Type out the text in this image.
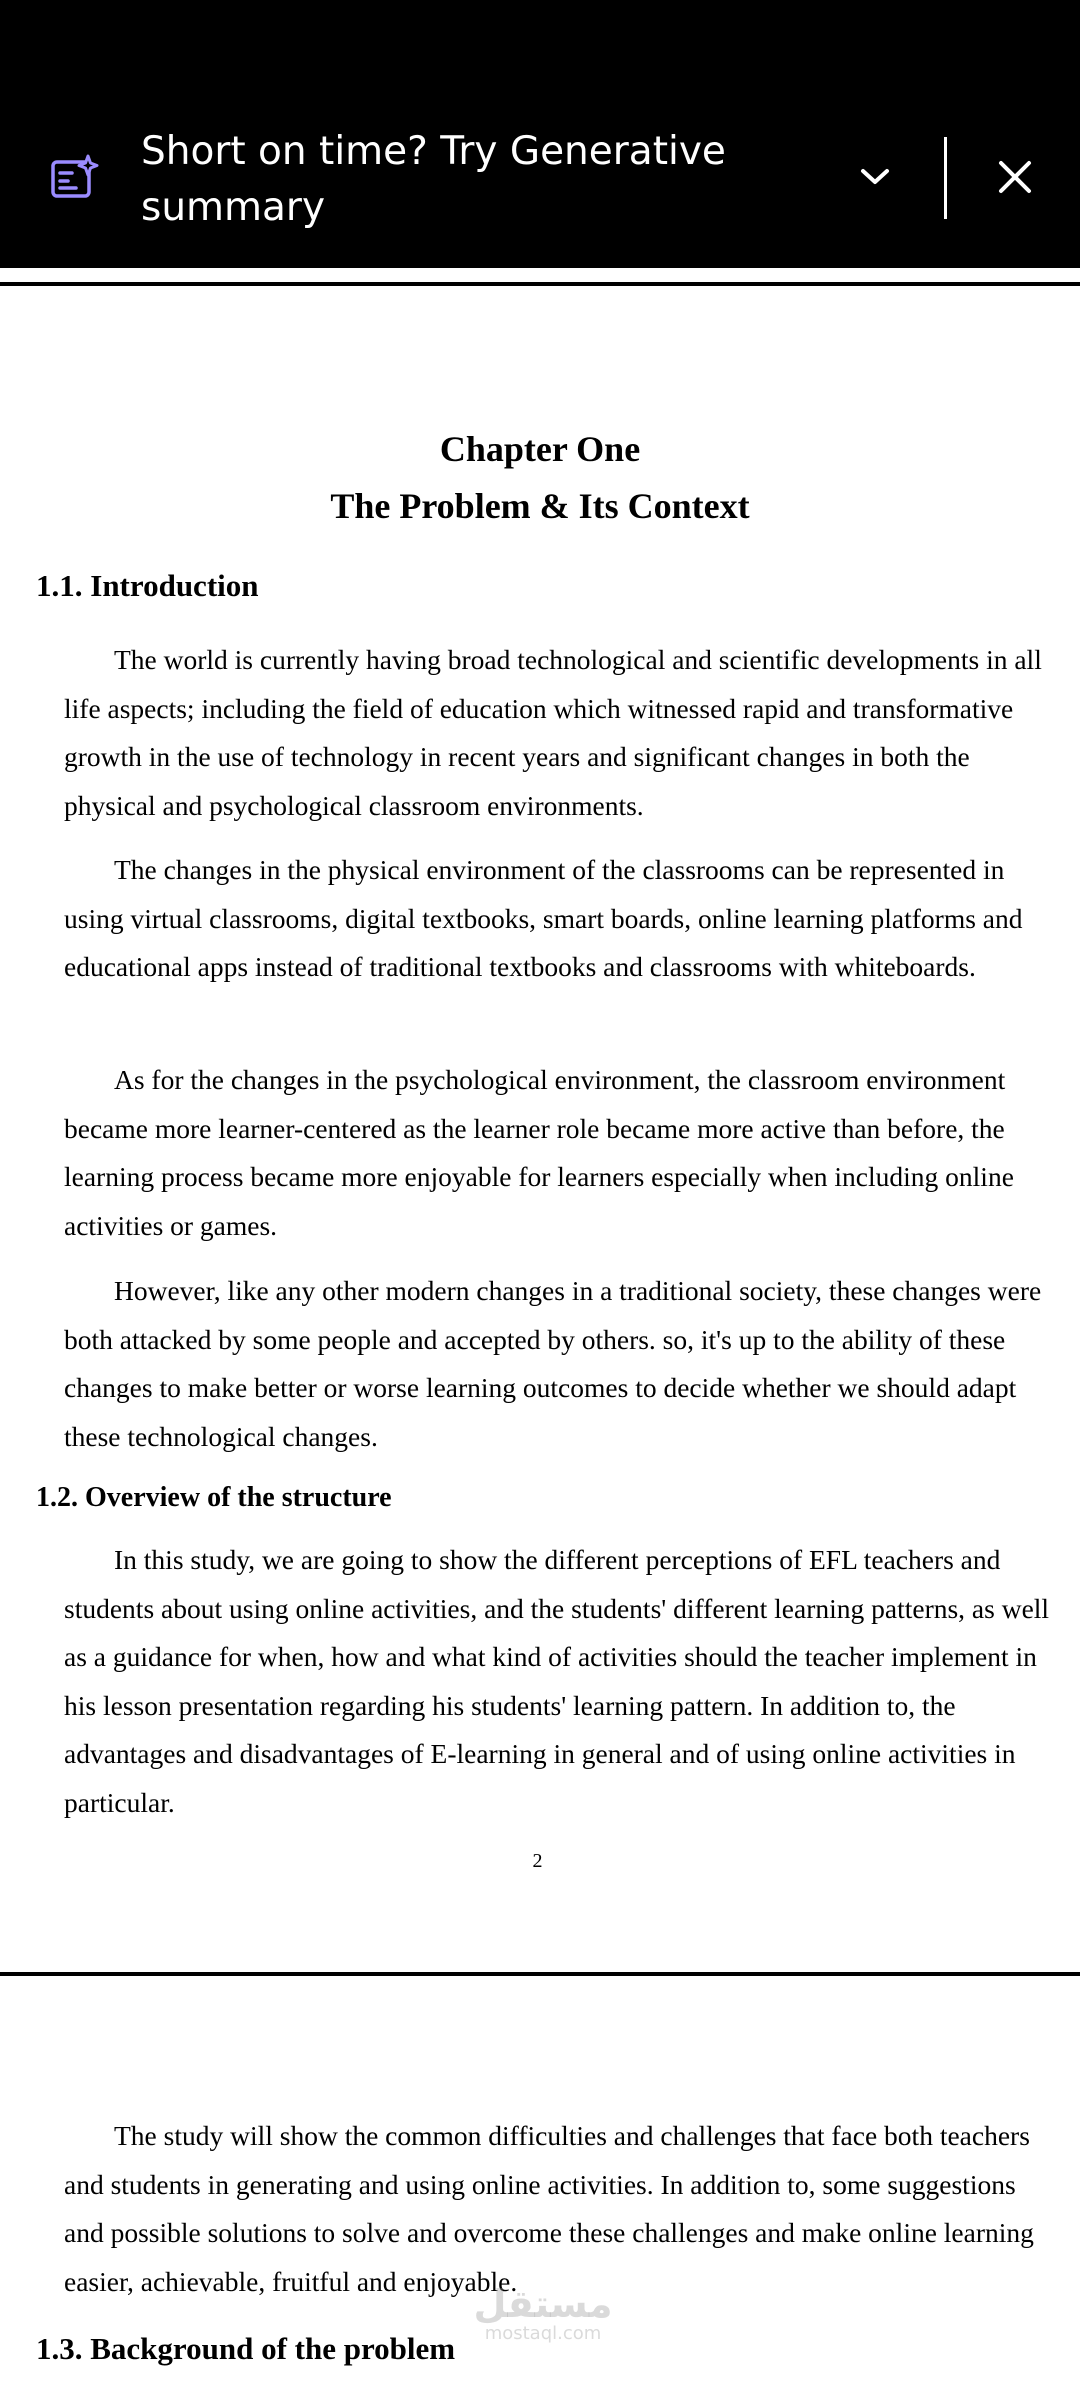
Short on time? Try Generative summary
Chapter One
The Problem & Its Context
1.1. Introduction

The world is currently having broad technological and scientific developments in all life aspects; including the field of education which witnessed rapid and transformative growth in the use of technology in recent years and significant changes in both the physical and psychological classroom environments.

The changes in the physical environment of the classrooms can be represented in using virtual classrooms, digital textbooks, smart boards, online learning platforms and educational apps instead of traditional textbooks and classrooms with whiteboards.

As for the changes in the psychological environment, the classroom environment became more learner-centered as the learner role became more active than before, the learning process became more enjoyable for learners especially when including online activities or games.

However, like any other modern changes in a traditional society, these changes were both attacked by some people and accepted by others. so, it's up to the ability of these changes to make better or worse learning outcomes to decide whether we should adapt these technological changes.

1.2. Overview of the structure

In this study, we are going to show the different perceptions of EFL teachers and students about using online activities, and the students' different learning patterns, as well as a guidance for when, how and what kind of activities should the teacher implement in his lesson presentation regarding his students' learning pattern. In addition to, the advantages and disadvantages of E-learning in general and of using online activities in particular.

2

The study will show the common difficulties and challenges that face both teachers and students in generating and using online activities. In addition to, some suggestions and possible solutions to solve and overcome these challenges and make online learning easier, achievable, fruitful and enjoyable.

1.3. Background of the problem
مستقل
mostaql.com
